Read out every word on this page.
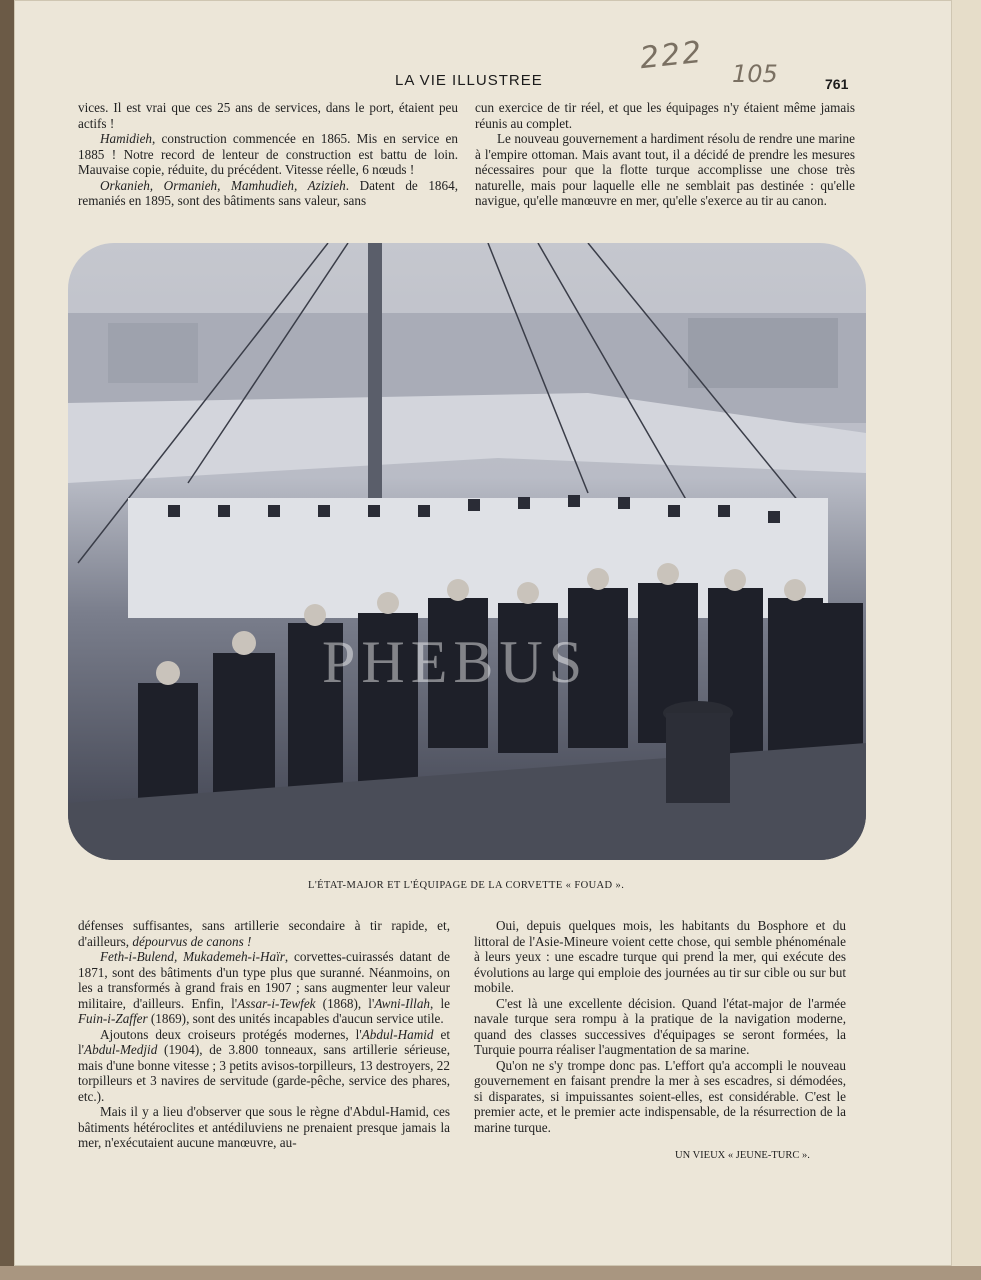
222 105
LA VIE ILLUSTREE	761

vices. Il est vrai que ces 25 ans de services, dans le port, étaient peu actifs !

Hamidieh, construction commencée en 1865. Mis en service en 1885 ! Notre record de lenteur de construction est battu de loin. Mauvaise copie, réduite, du précédent. Vitesse réelle, 6 nœuds !

Orkanieh, Ormanieh, Mamhudieh, Azizieh. Datent de 1864, remaniés en 1895, sont des bâtiments sans valeur, sans

cun exercice de tir réel, et que les équipages n'y étaient même jamais réunis au complet.

Le nouveau gouvernement a hardiment résolu de rendre une marine à l'empire ottoman. Mais avant tout, il a décidé de prendre les mesures nécessaires pour que la flotte turque accomplisse une chose très naturelle, mais pour laquelle elle ne semblait pas destinée : qu'elle navigue, qu'elle manœuvre en mer, qu'elle s'exerce au tir au canon.

PHEBUS
L'ÉTAT-MAJOR ET L'ÉQUIPAGE DE LA CORVETTE « FOUAD ».

défenses suffisantes, sans artillerie secondaire à tir rapide, et, d'ailleurs, dépourvus de canons !

Feth-i-Bulend, Mukademeh-i-Haïr, corvettes-cuirassés datant de 1871, sont des bâtiments d'un type plus que suranné. Néanmoins, on les a transformés à grand frais en 1907 ; sans augmenter leur valeur militaire, d'ailleurs. Enfin, l'Assar-i-Tewfek (1868), l'Awni-Illah, le Fuin-i-Zaffer (1869), sont des unités incapables d'aucun service utile.

Ajoutons deux croiseurs protégés modernes, l'Abdul-Hamid et l'Abdul-Medjid (1904), de 3.800 tonneaux, sans artillerie sérieuse, mais d'une bonne vitesse ; 3 petits avisos-torpilleurs, 13 destroyers, 22 torpilleurs et 3 navires de servitude (garde-pêche, service des phares, etc.).

Mais il y a lieu d'observer que sous le règne d'Abdul-Hamid, ces bâtiments hétéroclites et antédiluviens ne prenaient presque jamais la mer, n'exécutaient aucune manœuvre, au-

Oui, depuis quelques mois, les habitants du Bosphore et du littoral de l'Asie-Mineure voient cette chose, qui semble phénoménale à leurs yeux : une escadre turque qui prend la mer, qui exécute des évolutions au large qui emploie des journées au tir sur cible ou sur but mobile.

C'est là une excellente décision. Quand l'état-major de l'armée navale turque sera rompu à la pratique de la navigation moderne, quand des classes successives d'équipages se seront formées, la Turquie pourra réaliser l'augmentation de sa marine.

Qu'on ne s'y trompe donc pas. L'effort qu'a accompli le nouveau gouvernement en faisant prendre la mer à ses escadres, si démodées, si disparates, si impuissantes soient-elles, est considérable. C'est le premier acte, et le premier acte indispensable, de la résurrection de la marine turque.

UN VIEUX « JEUNE-TURC ».
